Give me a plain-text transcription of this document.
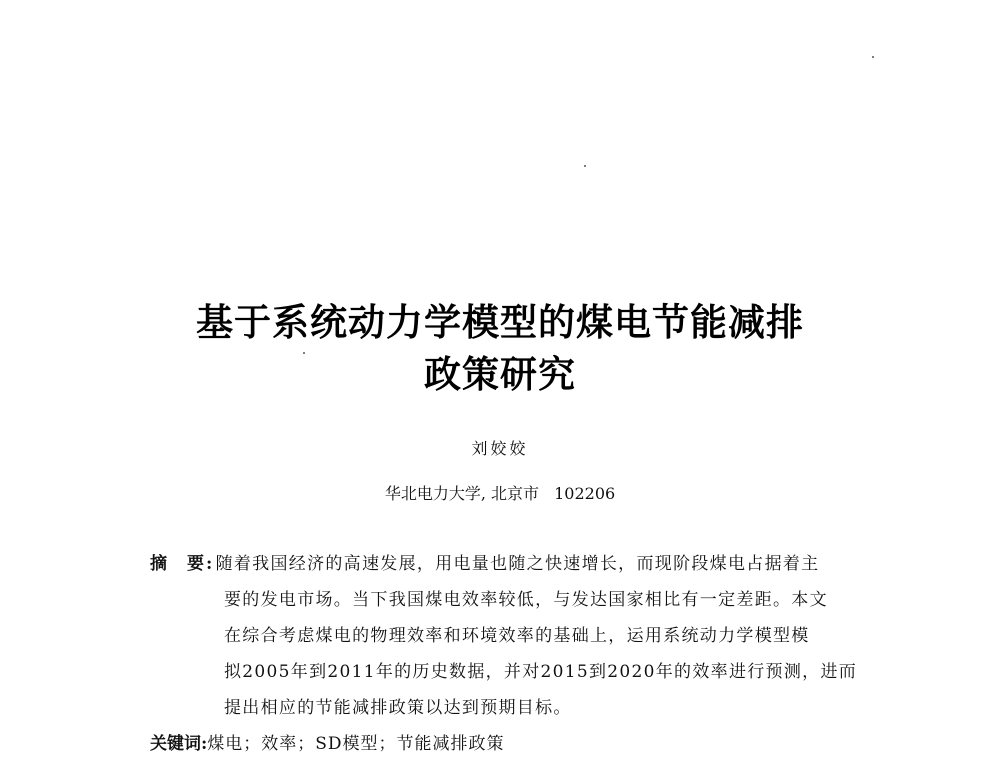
基于系统动力学模型的煤电节能减排
政策研究
刘姣姣
华北电力大学, 北京市 102206
摘 要
: 随着我国经济的高速发展，用电量也随之快速增长，而现阶段煤电占据着主
要的发电市场。当下我国煤电效率较低，与发达国家相比有一定差距。本文
在综合考虑煤电的物理效率和环境效率的基础上，运用系统动力学模型模
拟2005年到2011年的历史数据，并对2015到2020年的效率进行预测，进而
提出相应的节能减排政策以达到预期目标。
关键词:煤电；效率；SD模型；节能减排政策
